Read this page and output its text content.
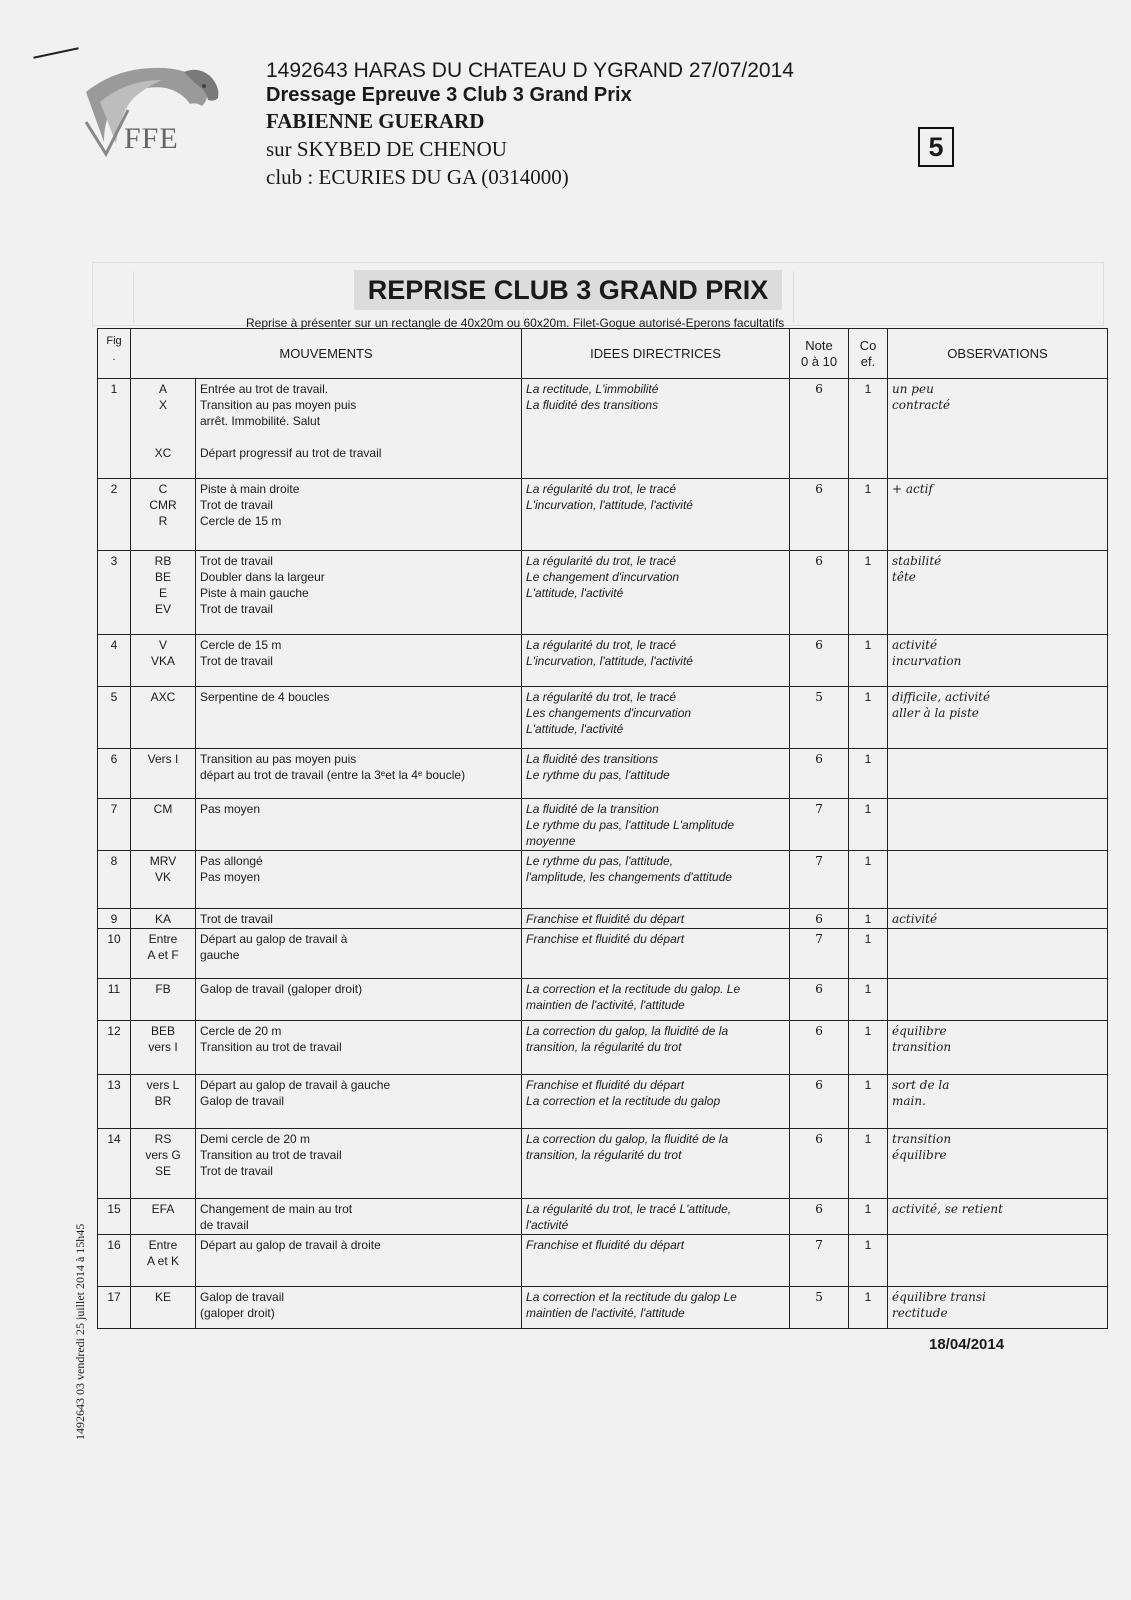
FFE
1492643 HARAS DU CHATEAU D YGRAND 27/07/2014
Dressage Epreuve 3 Club 3 Grand Prix
FABIENNE GUERARD
sur SKYBED DE CHENOU
club : ECURIES DU GA (0314000)
5
REPRISE CLUB 3 GRAND PRIX
Reprise à présenter sur un rectangle de 40x20m ou 60x20m. Filet-Gogue autorisé-Eperons facultatifs
Fig
.	MOUVEMENTS		IDEES DIRECTRICES	Note
0 à 10	Co
ef.	OBSERVATIONS
1	A
X

XC	Entrée au trot de travail.
Transition au pas moyen puis
arrêt. Immobilité. Salut

Départ progressif au trot de travail	La rectitude, L'immobilité
La fluidité des transitions	6	1	un peu
contracté
2	C
CMR
R	Piste à main droite
Trot de travail
Cercle de 15 m	La régularité du trot, le tracé
L'incurvation, l'attitude, l'activité	6	1	+ actif
3	RB
BE
E
EV	Trot de travail
Doubler dans la largeur
Piste à main gauche
Trot de travail	La régularité du trot, le tracé
Le changement d'incurvation
L'attitude, l'activité	6	1	stabilité
tête
4	V
VKA	Cercle de 15 m
Trot de travail	La régularité du trot, le tracé
L'incurvation, l'attitude, l'activité	6	1	activité
incurvation
5	AXC	Serpentine de 4 boucles	La régularité du trot, le tracé
Les changements d'incurvation
L'attitude, l'activité	5	1	difficile, activité
aller à la piste
6	Vers I	Transition au pas moyen puis
départ au trot de travail (entre la 3ᵉet la 4ᵉ boucle)	La fluidité des transitions
Le rythme du pas, l'attitude	6	1	
7	CM	Pas moyen	La fluidité de la transition
Le rythme du pas, l'attitude L'amplitude
moyenne	7	1	
8	MRV
VK	Pas allongé
Pas moyen	Le rythme du pas, l'attitude,
l'amplitude, les changements d'attitude	7	1	
9	KA	Trot de travail	Franchise et fluidité du départ	6	1	activité
10	Entre
A et F	Départ au galop de travail à
gauche	Franchise et fluidité du départ	7	1	
11	FB	Galop de travail (galoper droit)	La correction et la rectitude du galop. Le
maintien de l'activité, l'attitude	6	1	
12	BEB
vers I	Cercle de 20 m
Transition au trot de travail	La correction du galop, la fluidité de la
transition, la régularité du trot	6	1	équilibre
transition
13	vers L
BR	Départ au galop de travail à gauche
Galop de travail	Franchise et fluidité du départ
La correction et la rectitude du galop	6	1	sort de la
main.
14	RS
vers G
SE	Demi cercle de 20 m
Transition au trot de travail
Trot de travail	La correction du galop, la fluidité de la
transition, la régularité du trot	6	1	transition
équilibre
15	EFA	Changement de main au trot
de travail	La régularité du trot, le tracé L'attitude,
l'activité	6	1	activité, se retient
16	Entre
A et K	Départ au galop de travail à droite	Franchise et fluidité du départ	7	1	
17	KE	Galop de travail
(galoper droit)	La correction et la rectitude du galop Le
maintien de l'activité, l'attitude	5	1	équilibre transi
rectitude
18/04/2014
1492643 03 vendredi 25 juillet 2014 à 15h45
